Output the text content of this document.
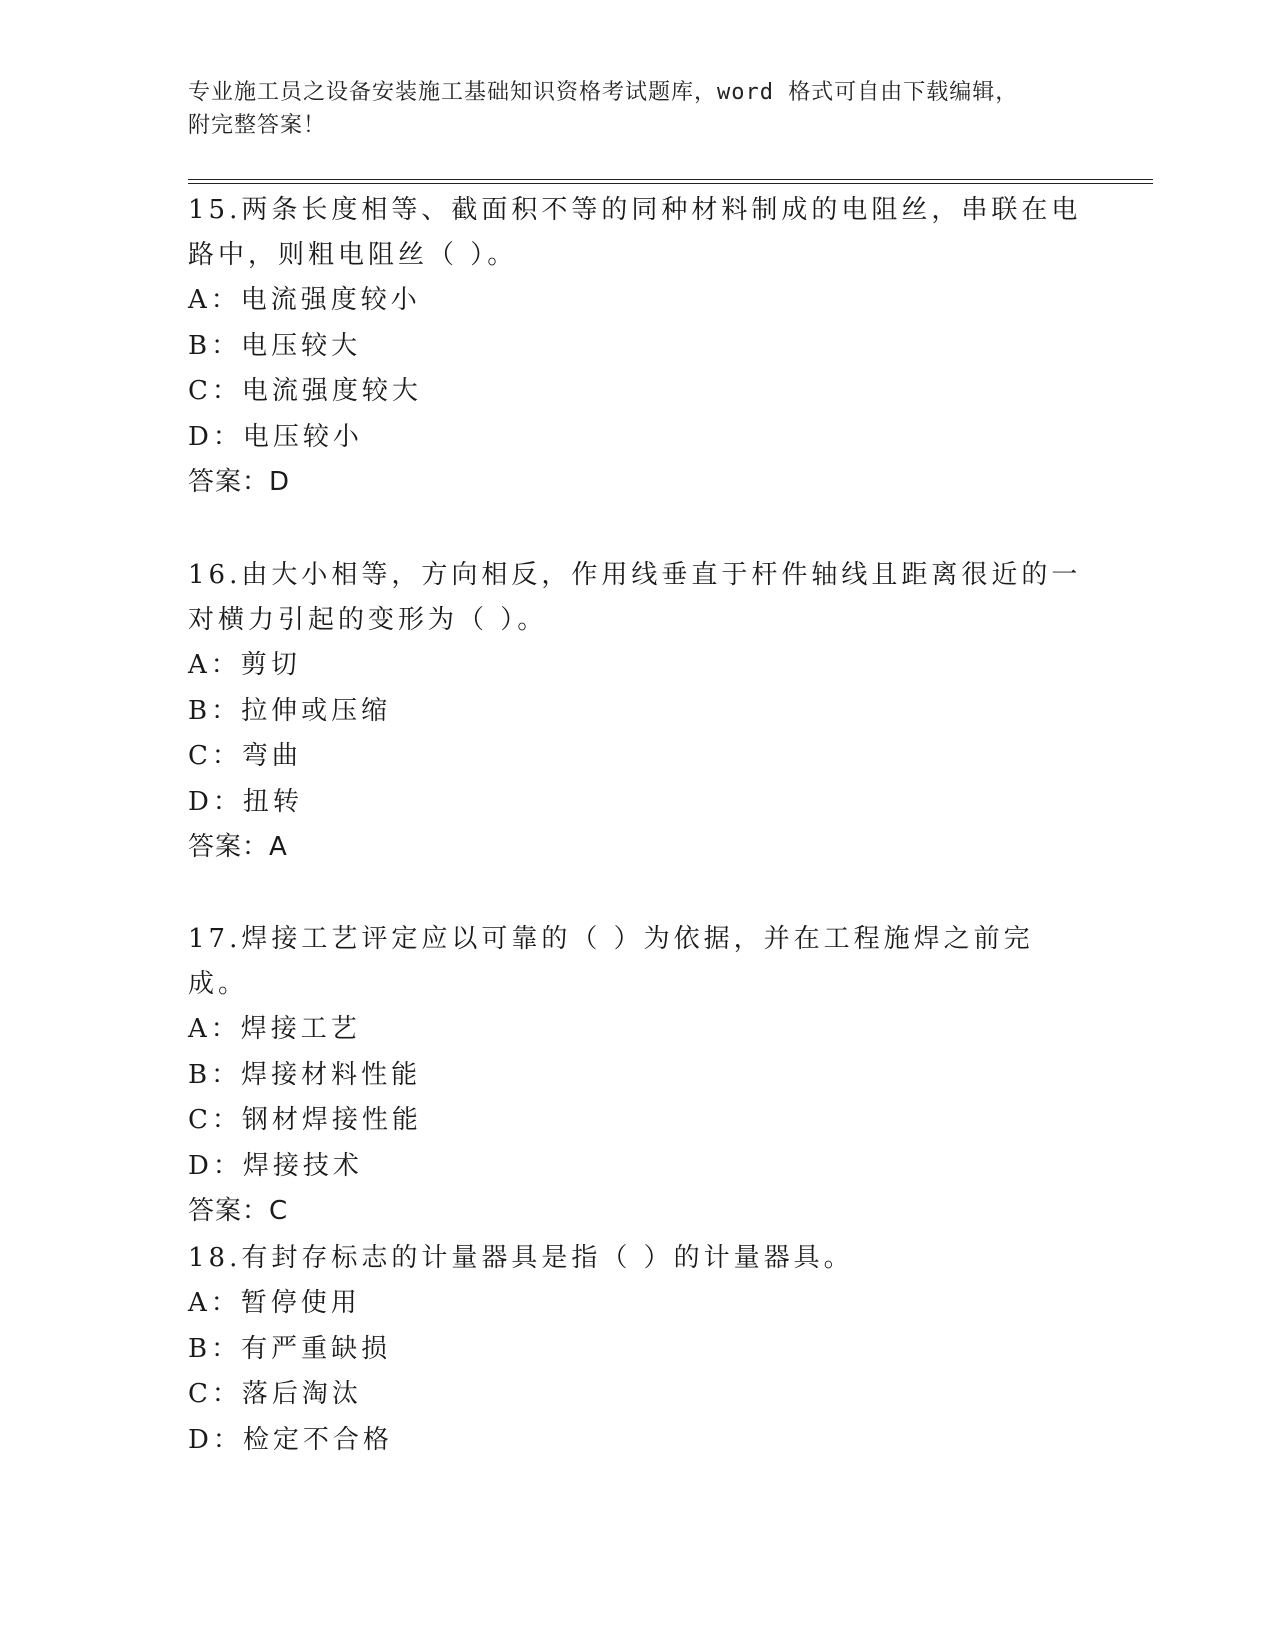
专业施工员之设备安装施工基础知识资格考试题库，word 格式可自由下载编辑，
附完整答案！

15.两条长度相等、截面积不等的同种材料制成的电阻丝，串联在电路中，则粗电阻丝（ ）。

A：电流强度较小

B：电压较大

C：电流强度较大

D：电压较小

答案：D

16.由大小相等，方向相反，作用线垂直于杆件轴线且距离很近的一对横力引起的变形为（ ）。

A：剪切

B：拉伸或压缩

C：弯曲

D：扭转

答案：A

17.焊接工艺评定应以可靠的（ ）为依据，并在工程施焊之前完成。

A：焊接工艺

B：焊接材料性能

C：钢材焊接性能

D：焊接技术

答案：C

18.有封存标志的计量器具是指（ ）的计量器具。

A：暂停使用

B：有严重缺损

C：落后淘汰

D：检定不合格
